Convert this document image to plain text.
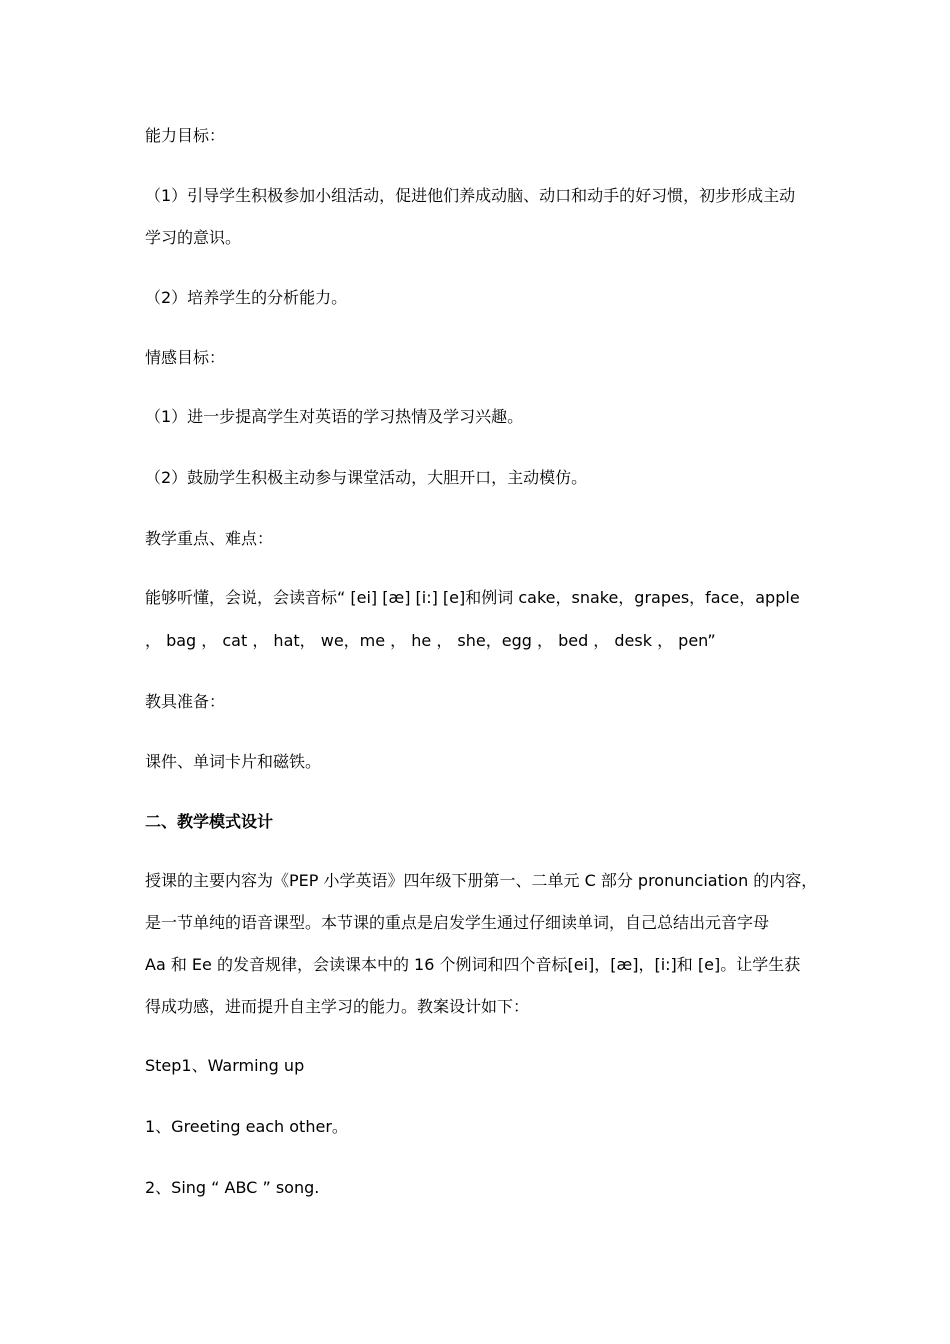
能力目标：
（1）引导学生积极参加小组活动，促进他们养成动脑、动口和动手的好习惯，初步形成主动
学习的意识。
（2）培养学生的分析能力。
情感目标：
（1）进一步提高学生对英语的学习热情及学习兴趣。
（2）鼓励学生积极主动参与课堂活动，大胆开口，主动模仿。
教学重点、难点：
能够听懂，会说，会读音标“ [ei] [æ] [i:] [e]和例词 cake，snake，grapes，face，apple
， bag ， cat ， hat， we，me ， he ， she，egg ， bed ， desk ， pen”
教具准备：
课件、单词卡片和磁铁。
二、教学模式设计
授课的主要内容为《PEP 小学英语》四年级下册第一、二单元 C 部分 pronunciation 的内容，
是一节单纯的语音课型。本节课的重点是启发学生通过仔细读单词，自己总结出元音字母
Aa 和 Ee 的发音规律，会读课本中的 16 个例词和四个音标[ei]，[æ]，[i:]和 [e]。让学生获
得成功感，进而提升自主学习的能力。教案设计如下：
Step1、Warming up
1、Greeting each other。
2、Sing “ ABC ” song.
